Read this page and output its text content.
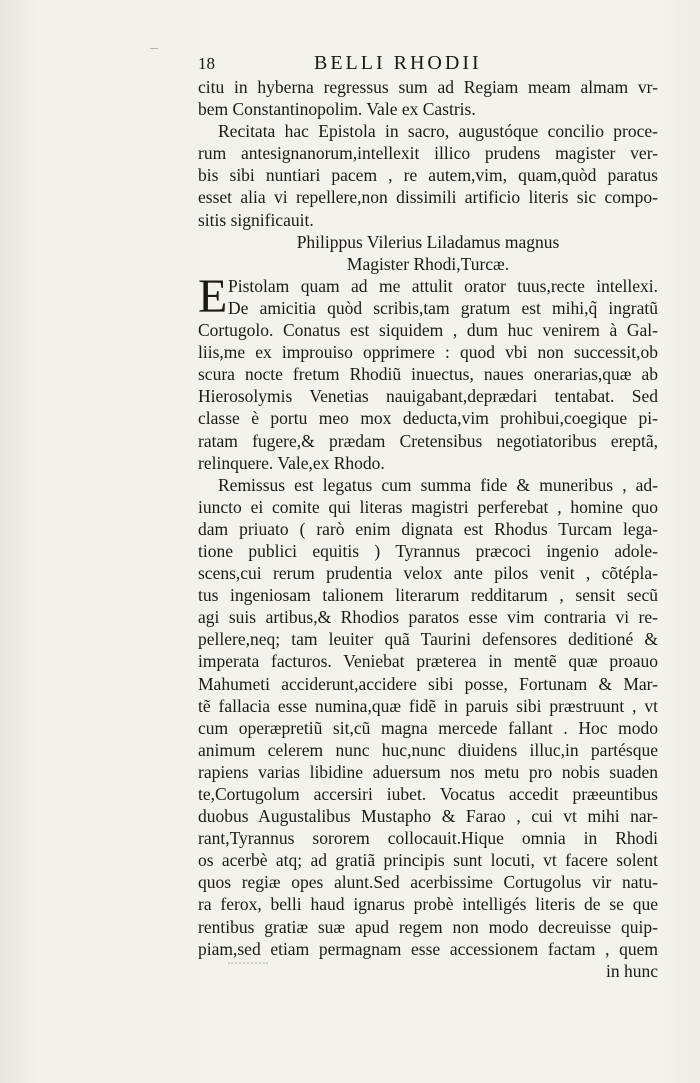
18	BELLI RHODII
citu in hyberna regressus sum ad Regiam meam almam vr-
bem Constantinopolim. Vale ex Castris.
Recitata hac Epistola in sacro, augustóque concilio proce-
rum antesignanorum,intellexit illico prudens magister ver-
bis sibi nuntiari pacem , re autem,vim, quam,quòd paratus
esset alia vi repellere,non dissimili artificio literis sic compo-
sitis significauit.
Philippus Vilerius Liladamus magnus
Magister Rhodi,Turcæ.
E Pistolam quam ad me attulit orator tuus,recte intellexi.
De amicitia quòd scribis,tam gratum est mihi,q̃ ingratũ
Cortugolo. Conatus est siquidem , dum huc venirem à Gal-
liis,me ex improuiso opprimere : quod vbi non successit,ob
scura nocte fretum Rhodiũ inuectus, naues onerarias,quæ ab
Hierosolymis Venetias nauigabant,deprædari tentabat. Sed
classe è portu meo mox deducta,vim prohibui,coegique pi-
ratam fugere,& prædam Cretensibus negotiatoribus ereptã,
relinquere. Vale,ex Rhodo.
Remissus est legatus cum summa fide & muneribus , ad-
iuncto ei comite qui literas magistri perferebat , homine quo
dam priuato ( rarò enim dignata est Rhodus Turcam lega-
tione publici equitis ) Tyrannus præcoci ingenio adole-
scens,cui rerum prudentia velox ante pilos venit , cõtépla-
tus ingeniosam talionem literarum redditarum , sensit secũ
agi suis artibus,& Rhodios paratos esse vim contraria vi re-
pellere,neq; tam leuiter quã Taurini defensores deditioné &
imperata facturos. Veniebat præterea in mentẽ quæ proauo
Mahumeti acciderunt,accidere sibi posse, Fortunam & Mar-
tẽ fallacia esse numina,quæ fidẽ in paruis sibi præstruunt , vt
cum operæpretiũ sit,cũ magna mercede fallant . Hoc modo
animum celerem nunc huc,nunc diuidens illuc,in partésque
rapiens varias libidine aduersum nos metu pro nobis suaden
te,Cortugolum accersiri iubet. Vocatus accedit præeuntibus
duobus Augustalibus Mustapho & Farao , cui vt mihi nar-
rant,Tyrannus sororem collocauit.Hique omnia in Rhodi
os acerbè atq; ad gratiã principis sunt locuti, vt facere solent
quos regiæ opes alunt.Sed acerbissime Cortugolus vir natu-
ra ferox, belli haud ignarus probè intelligés literis de se que
rentibus gratiæ suæ apud regem non modo decreuisse quip-
piam,sed etiam permagnam esse accessionem factam , quem
in hunc
